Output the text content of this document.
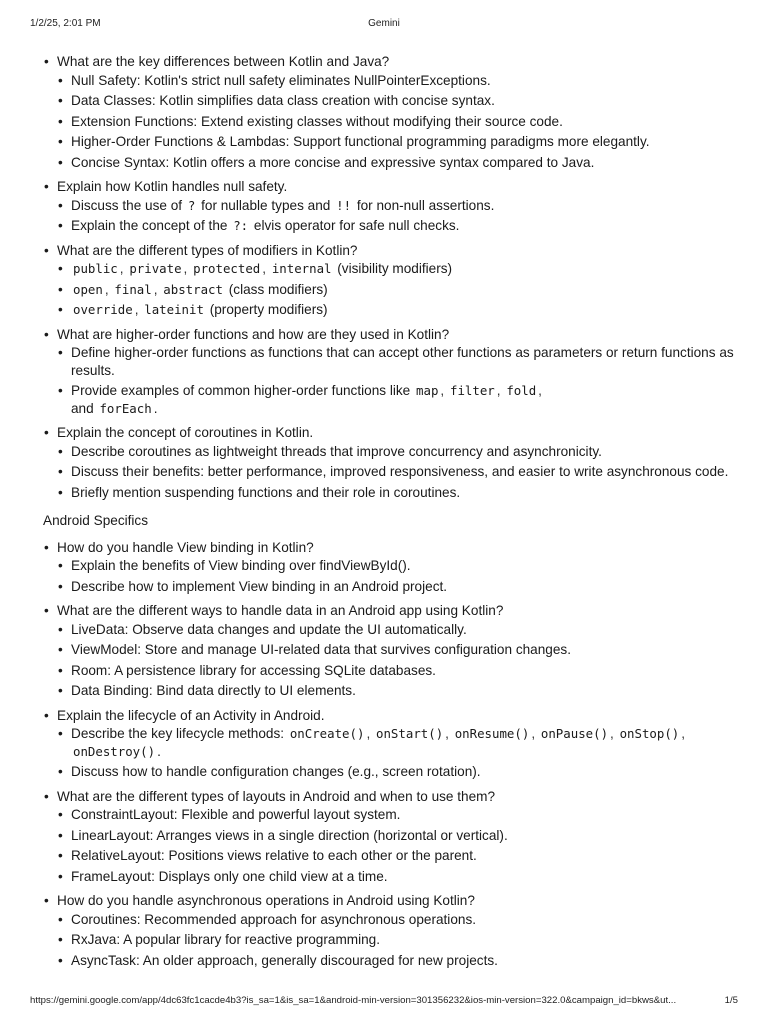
1/2/25, 2:01 PM	Gemini
• What are the key differences between Kotlin and Java?
• Null Safety: Kotlin's strict null safety eliminates NullPointerExceptions.
• Data Classes: Kotlin simplifies data class creation with concise syntax.
• Extension Functions: Extend existing classes without modifying their source code.
• Higher-Order Functions & Lambdas: Support functional programming paradigms more elegantly.
• Concise Syntax: Kotlin offers a more concise and expressive syntax compared to Java.
• Explain how Kotlin handles null safety.
• Discuss the use of ? for nullable types and !! for non-null assertions.
• Explain the concept of the ?: elvis operator for safe null checks.
• What are the different types of modifiers in Kotlin?
• public , private , protected , internal (visibility modifiers)
• open , final , abstract (class modifiers)
• override , lateinit (property modifiers)
• What are higher-order functions and how are they used in Kotlin?
• Define higher-order functions as functions that can accept other functions as parameters or return functions as results.
• Provide examples of common higher-order functions like map , filter , fold ,
and forEach .
• Explain the concept of coroutines in Kotlin.
• Describe coroutines as lightweight threads that improve concurrency and asynchronicity.
• Discuss their benefits: better performance, improved responsiveness, and easier to write asynchronous code.
• Briefly mention suspending functions and their role in coroutines.
Android Specifics
• How do you handle View binding in Kotlin?
• Explain the benefits of View binding over findViewById().
• Describe how to implement View binding in an Android project.
• What are the different ways to handle data in an Android app using Kotlin?
• LiveData: Observe data changes and update the UI automatically.
• ViewModel: Store and manage UI-related data that survives configuration changes.
• Room: A persistence library for accessing SQLite databases.
• Data Binding: Bind data directly to UI elements.
• Explain the lifecycle of an Activity in Android.
• Describe the key lifecycle methods: onCreate() , onStart() , onResume() , onPause() , onStop() , onDestroy() .
• Discuss how to handle configuration changes (e.g., screen rotation).
• What are the different types of layouts in Android and when to use them?
• ConstraintLayout: Flexible and powerful layout system.
• LinearLayout: Arranges views in a single direction (horizontal or vertical).
• RelativeLayout: Positions views relative to each other or the parent.
• FrameLayout: Displays only one child view at a time.
• How do you handle asynchronous operations in Android using Kotlin?
• Coroutines: Recommended approach for asynchronous operations.
• RxJava: A popular library for reactive programming.
• AsyncTask: An older approach, generally discouraged for new projects.
https://gemini.google.com/app/4dc63fc1cacde4b3?is_sa=1&is_sa=1&android-min-version=301356232&ios-min-version=322.0&campaign_id=bkws&ut...	1/5
